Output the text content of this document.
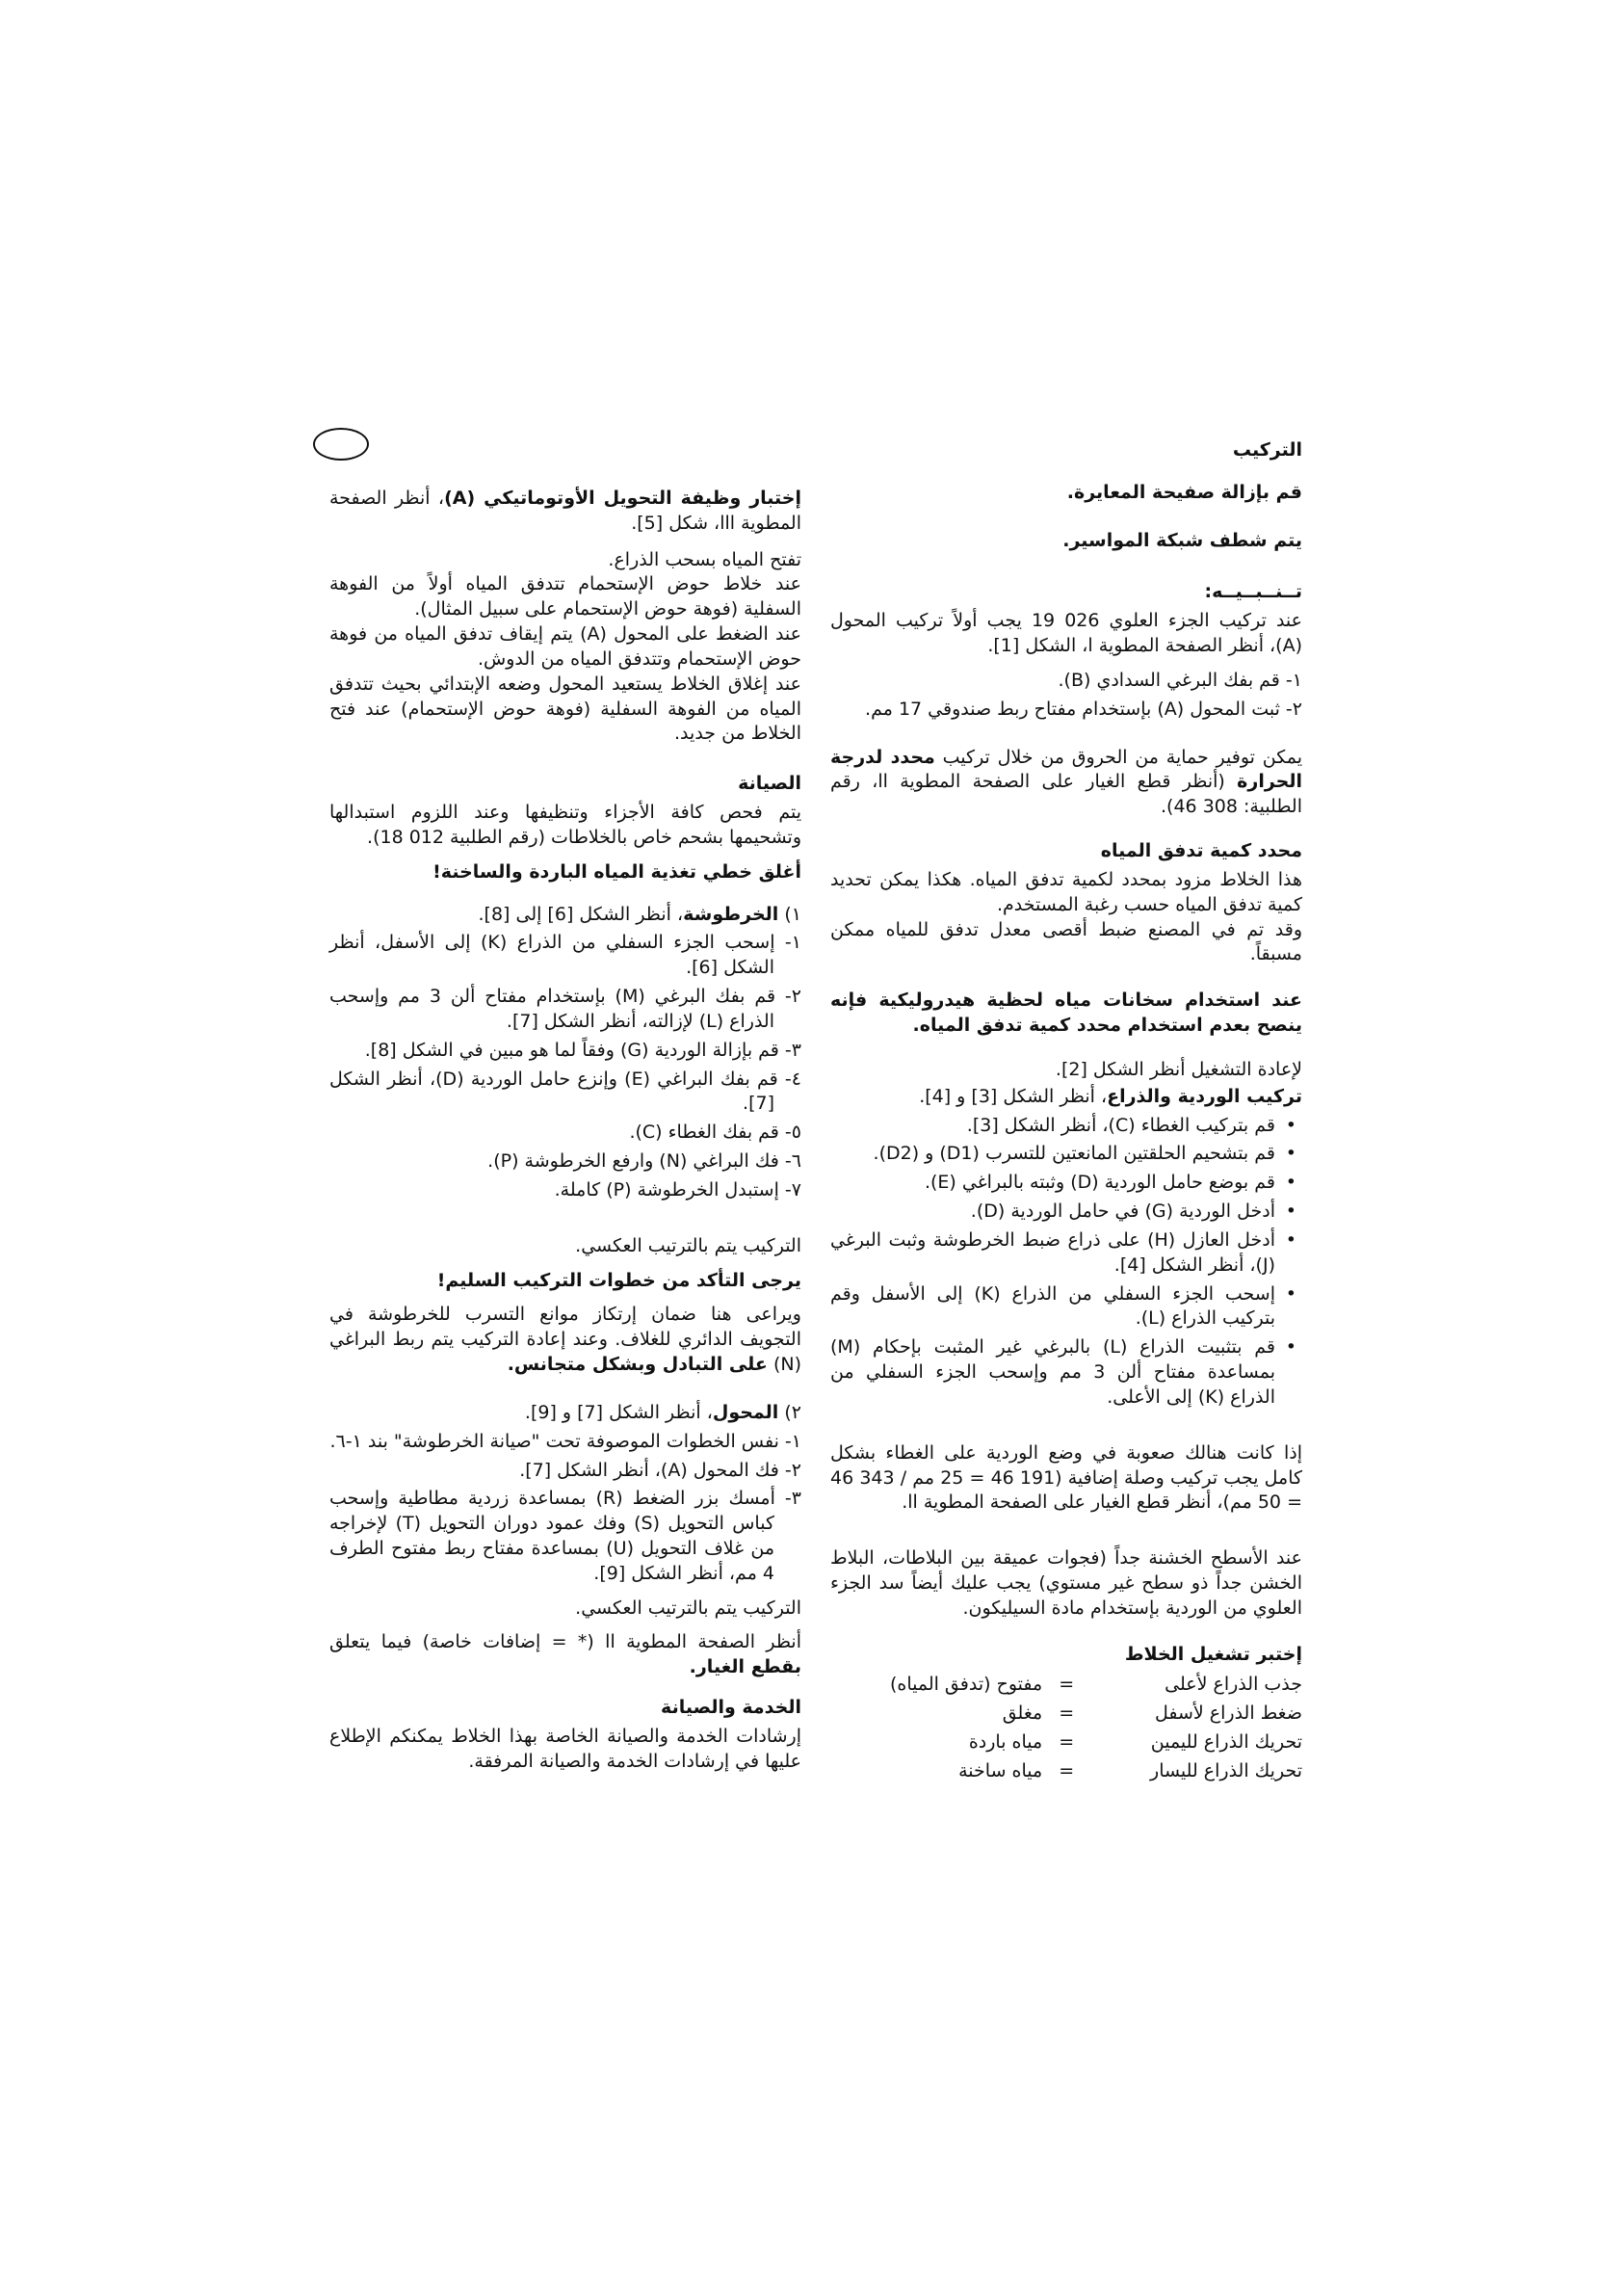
التركيب

قم بإزالة صفيحة المعايرة.

يتم شطف شبكة المواسير.

تــنــبــيــه:

عند تركيب الجزء العلوي 026 19 يجب أولاً تركيب المحول (A)، أنظر الصفحة المطوية ا، الشكل [1].

١- قم بفك البرغي السدادي (B).
٢- ثبت المحول (A) بإستخدام مفتاح ربط صندوقي 17 مم.

يمكن توفير حماية من الحروق من خلال تركيب محدد لدرجة الحرارة (أنظر قطع الغيار على الصفحة المطوية اا، رقم الطلبية: 308 46).

محدد كمية تدفق المياه

هذا الخلاط مزود بمحدد لكمية تدفق المياه. هكذا يمكن تحديد كمية تدفق المياه حسب رغبة المستخدم.

وقد تم في المصنع ضبط أقصى معدل تدفق للمياه ممكن مسبقاً.

عند استخدام سخانات مياه لحظية هيدروليكية فإنه ينصح بعدم استخدام محدد كمية تدفق المياه.

لإعادة التشغيل أنظر الشكل [2].

تركيب الوردية والذراع، أنظر الشكل [3] و [4].

• قم بتركيب الغطاء (C)، أنظر الشكل [3].
• قم بتشحيم الحلقتين المانعتين للتسرب (D1) و (D2).
• قم بوضع حامل الوردية (D) وثبته بالبراغي (E).
• أدخل الوردية (G) في حامل الوردية (D).
• أدخل العازل (H) على ذراع ضبط الخرطوشة وثبت البرغي (J)، أنظر الشكل [4].
• إسحب الجزء السفلي من الذراع (K) إلى الأسفل وقم بتركيب الذراع (L).
• قم بتثبيت الذراع (L) بالبرغي غير المثبت بإحكام (M) بمساعدة مفتاح ألن 3 مم وإسحب الجزء السفلي من الذراع (K) إلى الأعلى.

إذا كانت هنالك صعوبة في وضع الوردية على الغطاء بشكل كامل يجب تركيب وصلة إضافية (191 46 = 25 مم / 343 46 = 50 مم)، أنظر قطع الغيار على الصفحة المطوية اا.

عند الأسطح الخشنة جداً (فجوات عميقة بين البلاطات، البلاط الخشن جداً ذو سطح غير مستوي) يجب عليك أيضاً سد الجزء العلوي من الوردية بإستخدام مادة السيليكون.

إختبر تشغيل الخلاط
جذب الذراع لأعلى	=	مفتوح (تدفق المياه)
ضغط الذراع لأسفل	=	مغلق
تحريك الذراع لليمين	=	مياه باردة
تحريك الذراع لليسار	=	مياه ساخنة

إختبار وظيفة التحويل الأوتوماتيكي (A)، أنظر الصفحة المطوية ااا، شكل [5].

تفتح المياه بسحب الذراع.

عند خلاط حوض الإستحمام تتدفق المياه أولاً من الفوهة السفلية (فوهة حوض الإستحمام على سبيل المثال).

عند الضغط على المحول (A) يتم إيقاف تدفق المياه من فوهة حوض الإستحمام وتتدفق المياه من الدوش.

عند إغلاق الخلاط يستعيد المحول وضعه الإبتدائي بحيث تتدفق المياه من الفوهة السفلية (فوهة حوض الإستحمام) عند فتح الخلاط من جديد.

الصيانة

يتم فحص كافة الأجزاء وتنظيفها وعند اللزوم استبدالها وتشحيمها بشحم خاص بالخلاطات (رقم الطلبية 012 18).

أغلق خطي تغذية المياه الباردة والساخنة!

١) الخرطوشة، أنظر الشكل [6] إلى [8].

١- إسحب الجزء السفلي من الذراع (K) إلى الأسفل، أنظر الشكل [6].
٢- قم بفك البرغي (M) بإستخدام مفتاح ألن 3 مم وإسحب الذراع (L) لإزالته، أنظر الشكل [7].
٣- قم بإزالة الوردية (G) وفقاً لما هو مبين في الشكل [8].
٤- قم بفك البراغي (E) وإنزع حامل الوردية (D)، أنظر الشكل [7].
٥- قم بفك الغطاء (C).
٦- فك البراغي (N) وارفع الخرطوشة (P).
٧- إستبدل الخرطوشة (P) كاملة.

التركيب يتم بالترتيب العكسي.

يرجى التأكد من خطوات التركيب السليم!

ويراعى هنا ضمان إرتكاز موانع التسرب للخرطوشة في التجويف الدائري للغلاف. وعند إعادة التركيب يتم ربط البراغي (N) على التبادل وبشكل متجانس.

٢) المحول، أنظر الشكل [7] و [9].

١- نفس الخطوات الموصوفة تحت "صيانة الخرطوشة" بند ١-٦.
٢- فك المحول (A)، أنظر الشكل [7].
٣- أمسك بزر الضغط (R) بمساعدة زردية مطاطية وإسحب كباس التحويل (S) وفك عمود دوران التحويل (T) لإخراجه من غلاف التحويل (U) بمساعدة مفتاح ربط مفتوح الطرف 4 مم، أنظر الشكل [9].

التركيب يتم بالترتيب العكسي.

أنظر الصفحة المطوية اا (* = إضافات خاصة) فيما يتعلق بقطع الغيار.

الخدمة والصيانة

إرشادات الخدمة والصيانة الخاصة بهذا الخلاط يمكنكم الإطلاع عليها في إرشادات الخدمة والصيانة المرفقة.
